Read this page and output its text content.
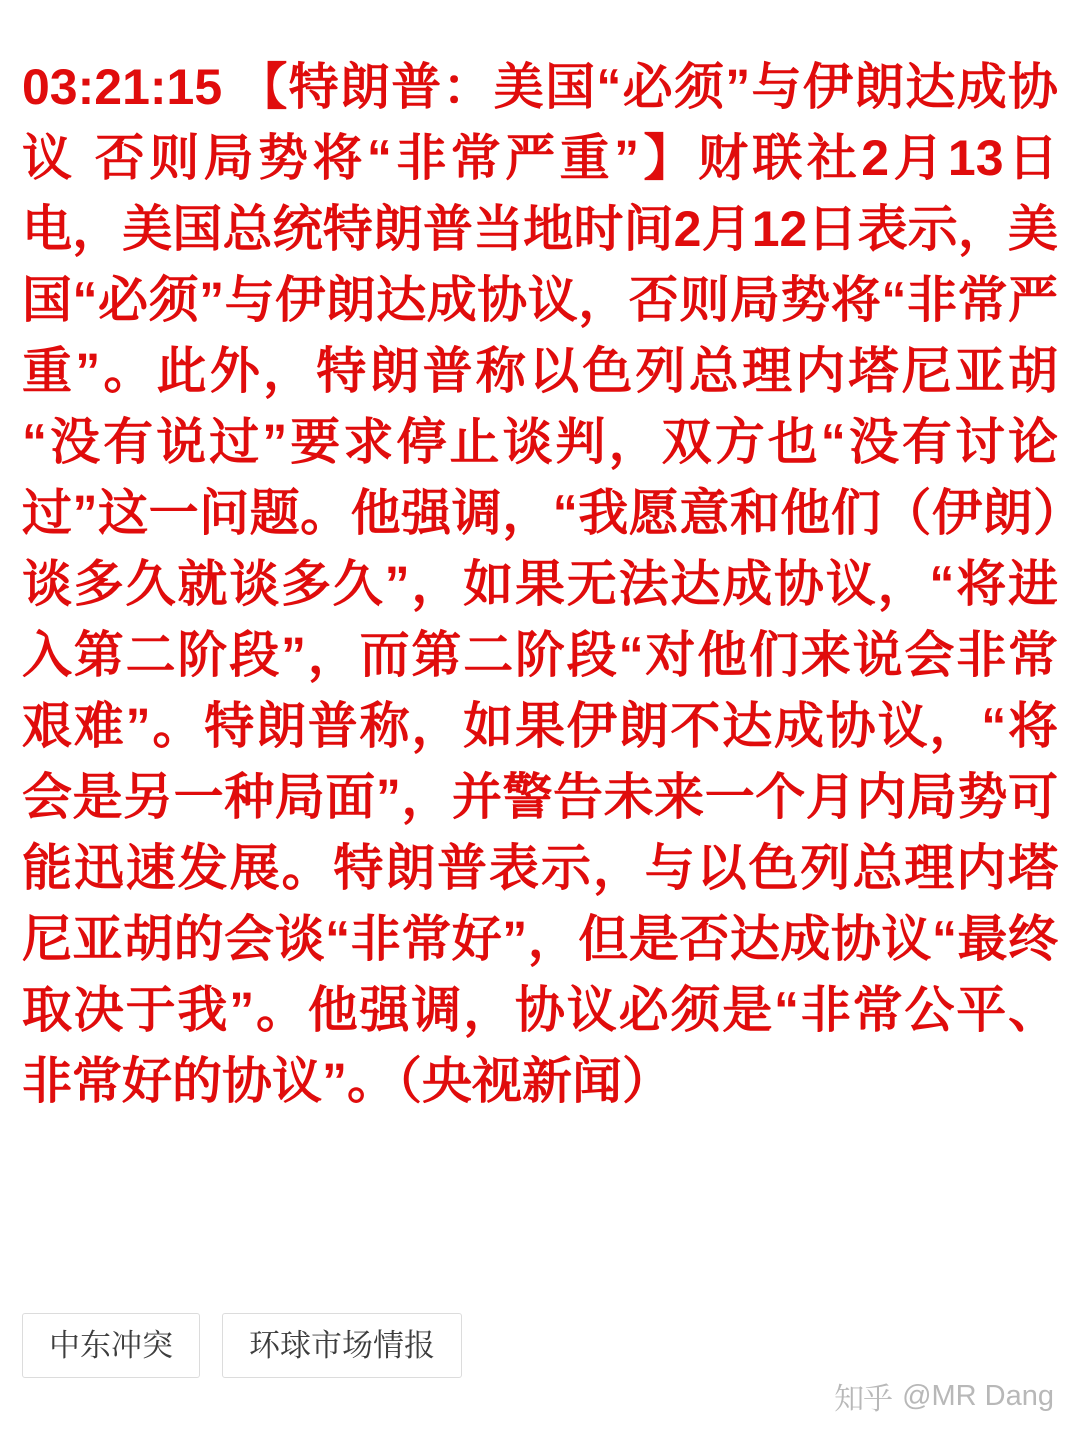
03:21:15 【特朗普：美国“必须”与伊朗达成协议 否则局势将“非常严重”】财联社2月13日电，美国总统特朗普当地时间2月12日表示，美国“必须”与伊朗达成协议，否则局势将“非常严重”。此外，特朗普称以色列总理内塔尼亚胡“没有说过”要求停止谈判，双方也“没有讨论过”这一问题。他强调，“我愿意和他们（伊朗）谈多久就谈多久”，如果无法达成协议，“将进入第二阶段”，而第二阶段“对他们来说会非常艰难”。特朗普称，如果伊朗不达成协议，“将会是另一种局面”，并警告未来一个月内局势可能迅速发展。特朗普表示，与以色列总理内塔尼亚胡的会谈“非常好”，但是否达成协议“最终取决于我”。他强调，协议必须是“非常公平、非常好的协议”。（央视新闻）
中东冲突	环球市场情报
知乎 @MR Dang
